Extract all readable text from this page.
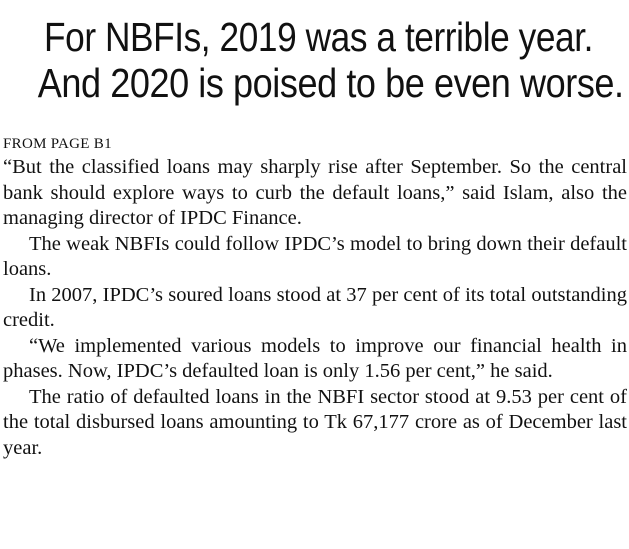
For NBFIs, 2019 was a terrible year.
And 2020 is poised to be even worse.
FROM PAGE B1

“But the classified loans may sharply rise after September. So the central bank should explore ways to curb the default loans,” said Islam, also the managing director of IPDC Finance.

The weak NBFIs could follow IPDC’s model to bring down their default loans.

In 2007, IPDC’s soured loans stood at 37 per cent of its total outstanding credit.

“We implemented various models to improve our financial health in phases. Now, IPDC’s defaulted loan is only 1.56 per cent,” he said.

The ratio of defaulted loans in the NBFI sector stood at 9.53 per cent of the total disbursed loans amounting to Tk 67,177 crore as of December last year.
